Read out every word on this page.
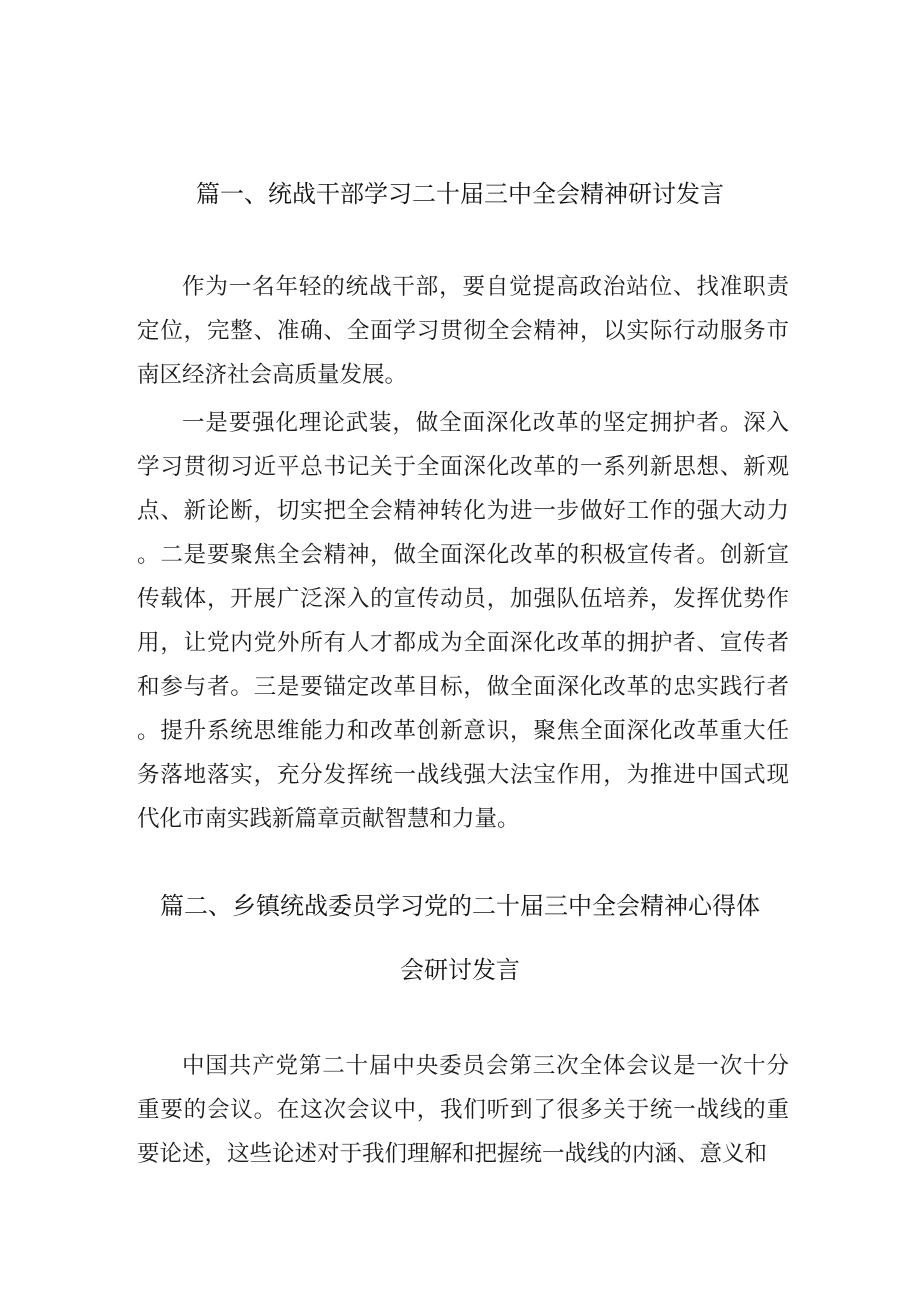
篇一、统战干部学习二十届三中全会精神研讨发言

作为一名年轻的统战干部，要自觉提高政治站位、找准职责定位，完整、准确、全面学习贯彻全会精神，以实际行动服务市南区经济社会高质量发展。

一是要强化理论武装，做全面深化改革的坚定拥护者。深入学习贯彻习近平总书记关于全面深化改革的一系列新思想、新观点、新论断，切实把全会精神转化为进一步做好工作的强大动力。二是要聚焦全会精神，做全面深化改革的积极宣传者。创新宣传载体，开展广泛深入的宣传动员，加强队伍培养，发挥优势作用，让党内党外所有人才都成为全面深化改革的拥护者、宣传者和参与者。三是要锚定改革目标，做全面深化改革的忠实践行者。提升系统思维能力和改革创新意识，聚焦全面深化改革重大任务落地落实，充分发挥统一战线强大法宝作用，为推进中国式现代化市南实践新篇章贡献智慧和力量。

篇二、乡镇统战委员学习党的二十届三中全会精神心得体
会研讨发言

中国共产党第二十届中央委员会第三次全体会议是一次十分重要的会议。在这次会议中，我们听到了很多关于统一战线的重要论述，这些论述对于我们理解和把握统一战线的内涵、意义和
